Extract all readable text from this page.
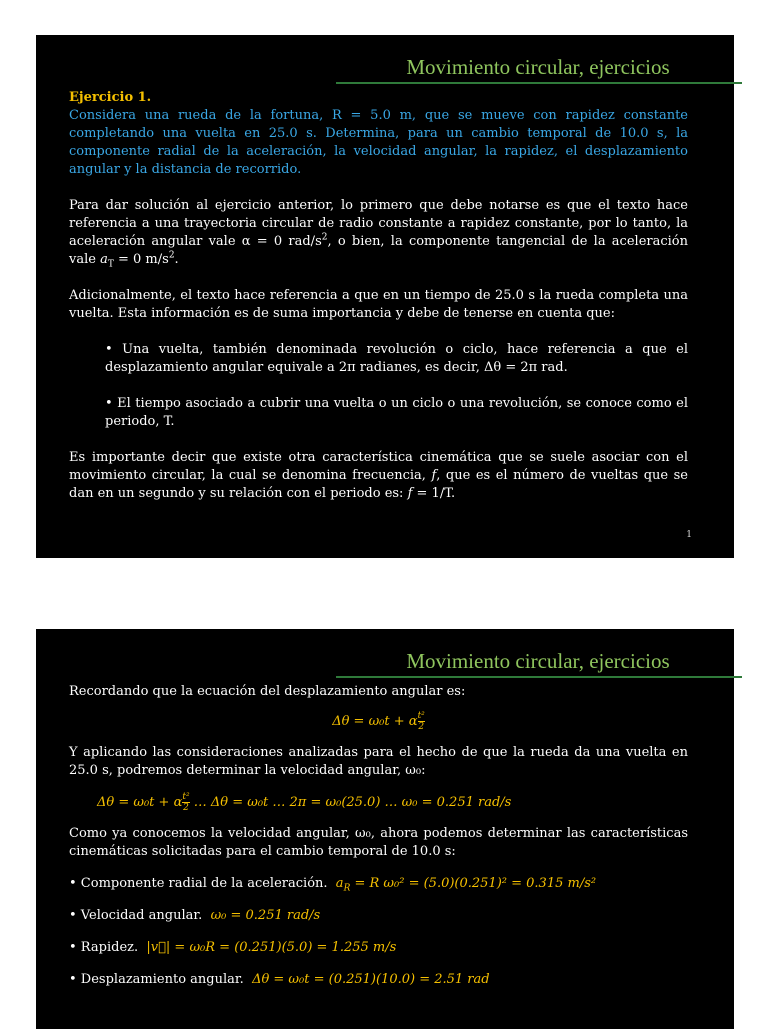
Movimiento circular, ejercicios

Ejercicio 1.

Considera una rueda de la fortuna, R = 5.0 m, que se mueve con rapidez constante completando una vuelta en 25.0 s. Determina, para un cambio temporal de 10.0 s, la componente radial de la aceleración, la velocidad angular, la rapidez, el desplazamiento angular y la distancia de recorrido.

Para dar solución al ejercicio anterior, lo primero que debe notarse es que el texto hace referencia a una trayectoria circular de radio constante a rapidez constante, por lo tanto, la aceleración angular vale α = 0 rad/$s^2$, o bien, la componente tangencial de la aceleración vale $a_T = 0$ $m/s^2$.

Adicionalmente, el texto hace referencia a que en un tiempo de 25.0 s la rueda completa una vuelta. Esta información es de suma importancia y debe de tenerse en cuenta que:

• Una vuelta, también denominada revolución o ciclo, hace referencia a que el desplazamiento angular equivale a 2π radianes, es decir, Δθ = 2π rad.

• El tiempo asociado a cubrir una vuelta o un ciclo o una revolución, se conoce como el periodo, T.

Es importante decir que existe otra característica cinemática que se suele asociar con el movimiento circular, la cual se denomina frecuencia, f, que es el número de vueltas que se dan en un segundo y su relación con el periodo es: f = 1/T.

1
Movimiento circular, ejercicios

Recordando que la ecuación del desplazamiento angular es:

Δθ = ω₀t + α $\frac{\text{t²}}{2}$

Y aplicando las consideraciones analizadas para el hecho de que la rueda da una vuelta en 25.0 s, podremos determinar la velocidad angular, ω₀:

Δθ = ω₀t + α $\frac{\text{t²}}{2}$ … Δθ = ω₀t … 2π = ω₀(25.0) … ω₀ = 0.251 rad/s

Como ya conocemos la velocidad angular, ω₀, ahora podemos determinar las características cinemáticas solicitadas para el cambio temporal de 10.0 s:

• Componente radial de la aceleración. $a_R = R$ ω₀² = (5.0)(0.251)² = 0.315 m/s²

• Velocidad angular. ω₀ = 0.251 rad/s

• Rapidez. |v⃗| = ω₀R = (0.251)(5.0) = 1.255 m/s

• Desplazamiento angular. Δθ = ω₀t = (0.251)(10.0) = 2.51 rad
